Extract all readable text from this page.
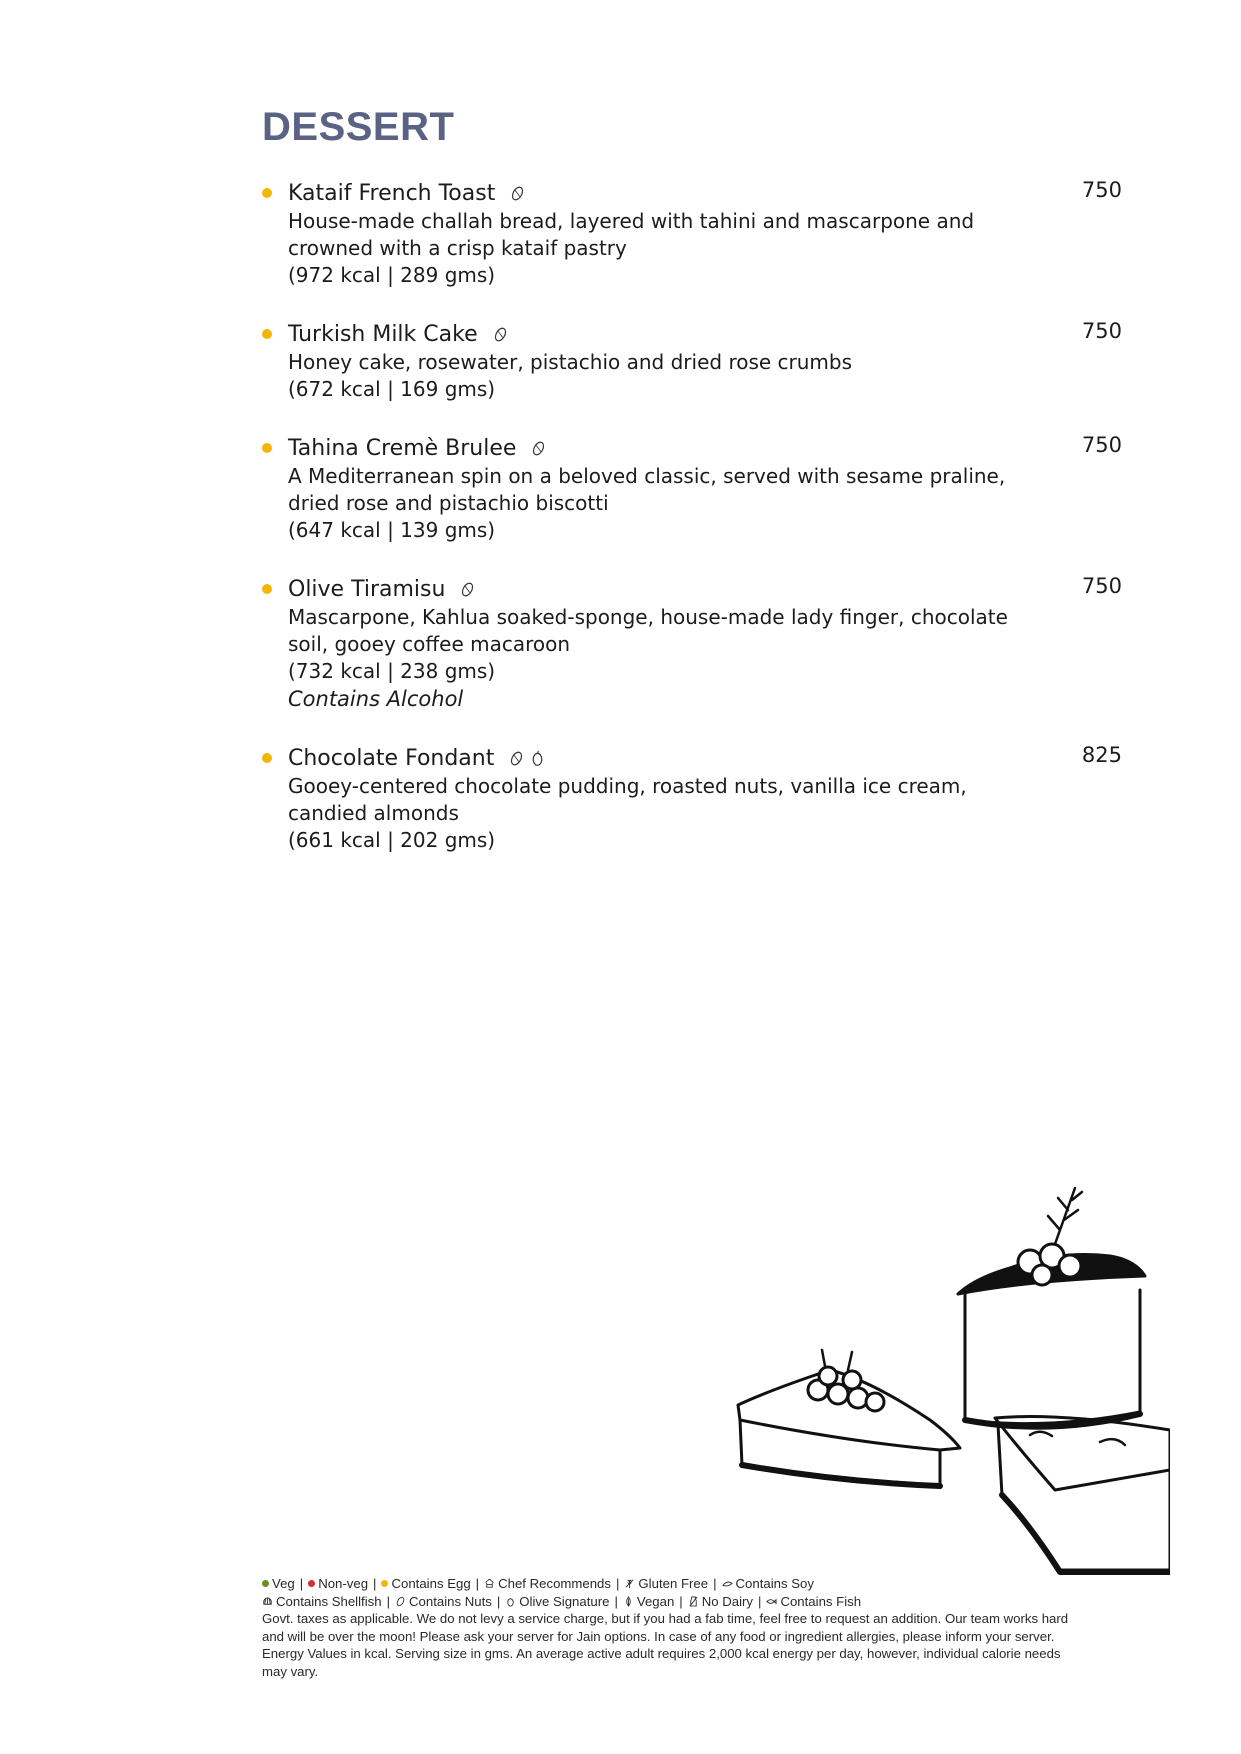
DESSERT
Kataif French Toast	750
House-made challah bread, layered with tahini and mascarpone and crowned with a crisp kataif pastry
(972 kcal | 289 gms)
Turkish Milk Cake	750
Honey cake, rosewater, pistachio and dried rose crumbs
(672 kcal | 169 gms)
Tahina Cremè Brulee	750
A Mediterranean spin on a beloved classic, served with sesame praline, dried rose and pistachio biscotti
(647 kcal | 139 gms)
Olive Tiramisu	750
Mascarpone, Kahlua soaked-sponge, house-made lady finger, chocolate soil, gooey coffee macaroon
(732 kcal | 238 gms)
Contains Alcohol
Chocolate Fondant	825
Gooey-centered chocolate pudding, roasted nuts, vanilla ice cream, candied almonds
(661 kcal | 202 gms)
Veg | Non-veg | Contains Egg | Chef Recommends | Gluten Free | Contains Soy
Contains Shellfish | Contains Nuts | Olive Signature | Vegan | No Dairy | Contains Fish
Govt. taxes as applicable. We do not levy a service charge, but if you had a fab time, feel free to request an addition. Our team works hard and will be over the moon! Please ask your server for Jain options. In case of any food or ingredient allergies, please inform your server. Energy Values in kcal. Serving size in gms. An average active adult requires 2,000 kcal energy per day, however, individual calorie needs may vary.
